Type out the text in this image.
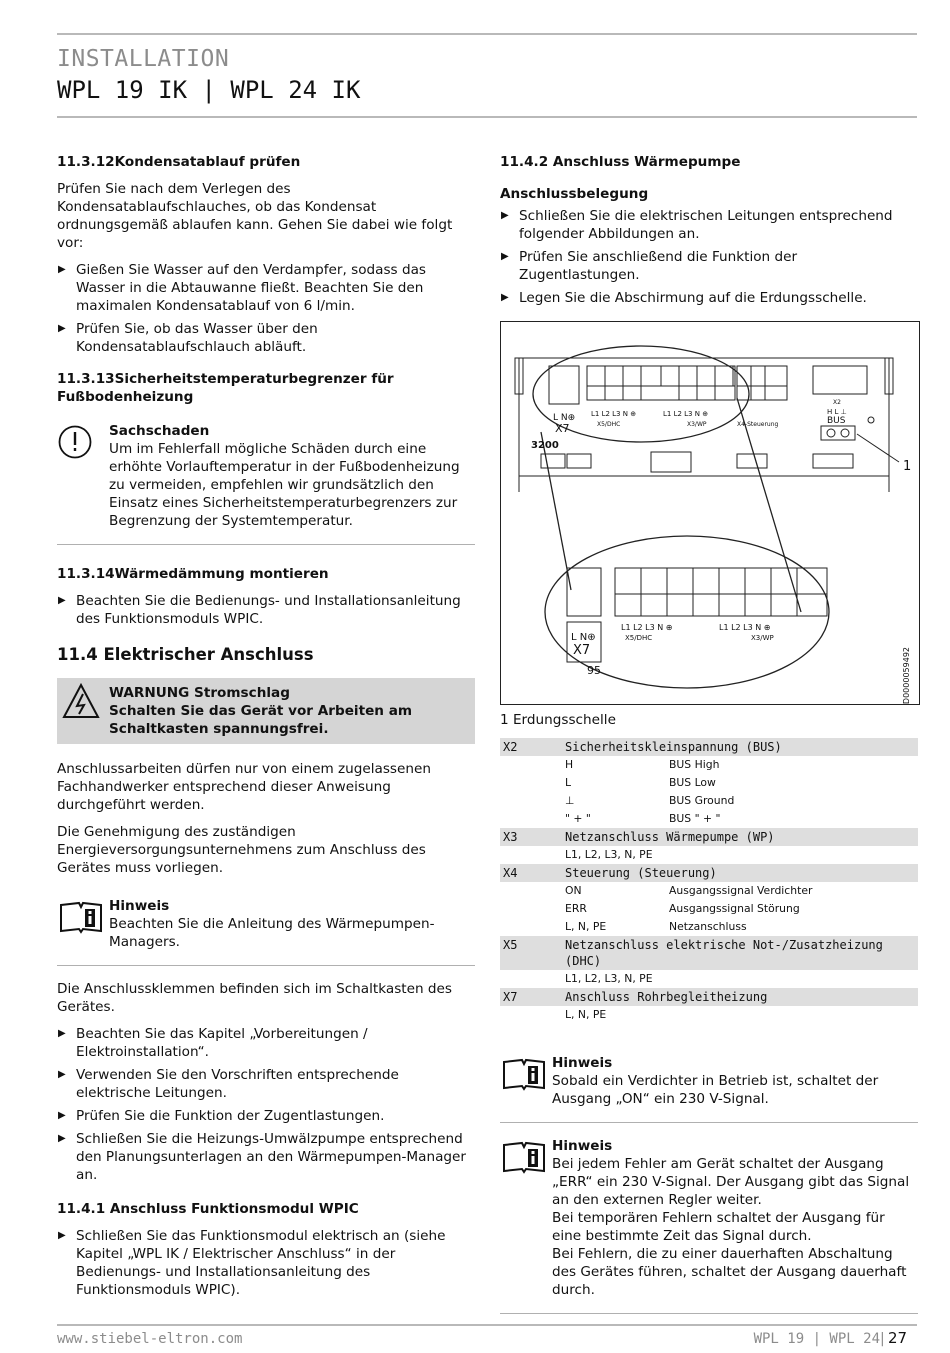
INSTALLATION
WPL 19 IK | WPL 24 IK
11.3.12Kondensatablauf prüfen

Prüfen Sie nach dem Verlegen des Kondensatablaufschlauches, ob das Kondensat ordnungsgemäß ablaufen kann. Gehen Sie dabei wie folgt vor:

▶ Gießen Sie Wasser auf den Verdampfer, sodass das Wasser in die Abtauwanne fließt. Beachten Sie den maximalen Kondensatablauf von 6 l/min.
▶ Prüfen Sie, ob das Wasser über den Kondensatablaufschlauch abläuft.
11.3.13Sicherheitstemperaturbegrenzer für Fußbodenheizung
Sachschaden
Um im Fehlerfall mögliche Schäden durch eine erhöhte Vorlauftemperatur in der Fußbodenheizung zu vermeiden, empfehlen wir grundsätzlich den Einsatz eines Sicherheitstemperaturbegrenzers zur Begrenzung der Systemtemperatur.
11.3.14Wärmedämmung montieren
▶ Beachten Sie die Bedienungs- und Installationsanleitung des Funktionsmoduls WPIC.
11.4 Elektrischer Anschluss
WARNUNG Stromschlag
Schalten Sie das Gerät vor Arbeiten am Schaltkasten spannungsfrei.

Anschlussarbeiten dürfen nur von einem zugelassenen Fachhandwerker entsprechend dieser Anweisung durchgeführt werden.

Die Genehmigung des zuständigen Energieversorgungsunternehmens zum Anschluss des Gerätes muss vorliegen.

Hinweis
Beachten Sie die Anleitung des Wärmepumpen-Managers.

Die Anschlussklemmen befinden sich im Schaltkasten des Gerätes.

▶ Beachten Sie das Kapitel „Vorbereitungen / Elektroinstallation“.
▶ Verwenden Sie den Vorschriften entsprechende elektrische Leitungen.
▶ Prüfen Sie die Funktion der Zugentlastungen.
▶ Schließen Sie die Heizungs-Umwälzpumpe entsprechend den Planungsunterlagen an den Wärmepumpen-Manager an.
11.4.1 Anschluss Funktionsmodul WPIC
▶ Schließen Sie das Funktionsmodul elektrisch an (siehe Kapitel „WPL IK / Elektrischer Anschluss“ in der Bedienungs- und Installationsanleitung des Funktionsmoduls WPIC).
11.4.2 Anschluss Wärmepumpe
Anschlussbelegung
▶ Schließen Sie die elektrischen Leitungen entsprechend folgender Abbildungen an.
▶ Prüfen Sie anschließend die Funktion der Zugentlastungen.
▶ Legen Sie die Abschirmung auf die Erdungsschelle.
L N⊕
X7
3200
L1 L2 L3 N ⊕	L1 L2 L3 N ⊕
X5/DHC	X3/WP	X4-Steuerung
X2
H L ⊥
BUS
1
L N⊕
X7
95
L1 L2 L3 N ⊕	L1 L2 L3 N ⊕
X5/DHC	X3/WP
D0000059492

1 Erdungsschelle

X2	Sicherheitskleinspannung (BUS)	
	H	BUS High
	L	BUS Low
	⊥	BUS Ground
	" + "	BUS " + "
X3	Netzanschluss Wärmepumpe (WP)	
	L1, L2, L3, N, PE	
X4	Steuerung (Steuerung)	
	ON	Ausgangssignal Verdichter
	ERR	Ausgangssignal Störung
	L, N, PE	Netzanschluss
X5	Netzanschluss elektrische Not-/Zusatzheizung (DHC)	
	L1, L2, L3, N, PE	
X7	Anschluss Rohrbegleitheizung	
	L, N, PE	
Hinweis
Sobald ein Verdichter in Betrieb ist, schaltet der Ausgang „ON“ ein 230 V-Signal.
Hinweis
Bei jedem Fehler am Gerät schaltet der Ausgang „ERR“ ein 230 V-Signal. Der Ausgang gibt das Signal an den externen Regler weiter.
Bei temporären Fehlern schaltet der Ausgang für eine bestimmte Zeit das Signal durch.
Bei Fehlern, die zu einer dauerhaften Abschaltung des Gerätes führen, schaltet der Ausgang dauerhaft durch.
www.stiebel-eltron.com	WPL 19 | WPL 24 | 27
